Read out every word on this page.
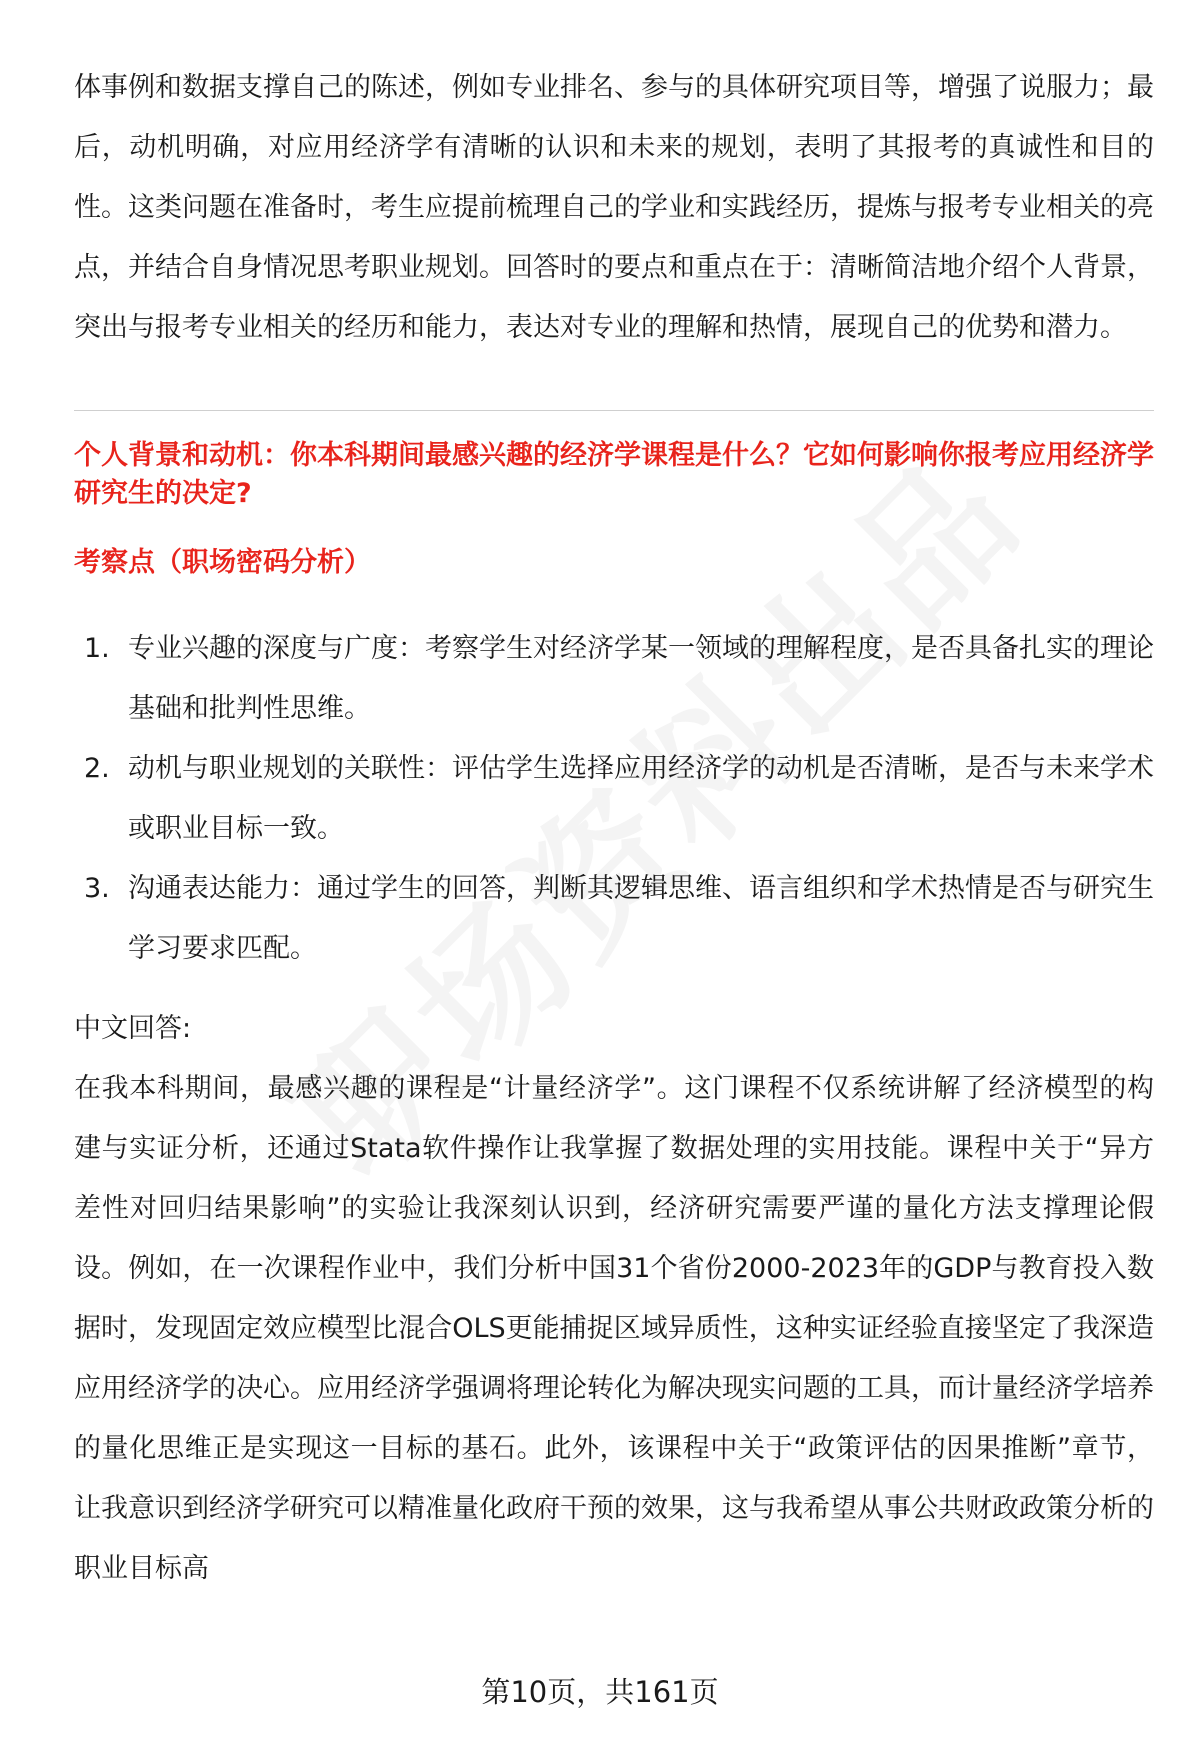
体事例和数据支撑自己的陈述，例如专业排名、参与的具体研究项目等，增强了说服力；最后，动机明确，对应用经济学有清晰的认识和未来的规划，表明了其报考的真诚性和目的性。这类问题在准备时，考生应提前梳理自己的学业和实践经历，提炼与报考专业相关的亮点，并结合自身情况思考职业规划。回答时的要点和重点在于：清晰简洁地介绍个人背景，突出与报考专业相关的经历和能力，表达对专业的理解和热情，展现自己的优势和潜力。

个人背景和动机：你本科期间最感兴趣的经济学课程是什么？它如何影响你报考应用经济学研究生的决定?

考察点（职场密码分析）

1. 专业兴趣的深度与广度：考察学生对经济学某一领域的理解程度，是否具备扎实的理论基础和批判性思维。
2. 动机与职业规划的关联性：评估学生选择应用经济学的动机是否清晰，是否与未来学术或职业目标一致。
3. 沟通表达能力：通过学生的回答，判断其逻辑思维、语言组织和学术热情是否与研究生学习要求匹配。

中文回答:

在我本科期间，最感兴趣的课程是“计量经济学”。这门课程不仅系统讲解了经济模型的构建与实证分析，还通过Stata软件操作让我掌握了数据处理的实用技能。课程中关于“异方差性对回归结果影响”的实验让我深刻认识到，经济研究需要严谨的量化方法支撑理论假设。例如，在一次课程作业中，我们分析中国31个省份2000-2023年的GDP与教育投入数据时，发现固定效应模型比混合OLS更能捕捉区域异质性，这种实证经验直接坚定了我深造应用经济学的决心。应用经济学强调将理论转化为解决现实问题的工具，而计量经济学培养的量化思维正是实现这一目标的基石。此外，该课程中关于“政策评估的因果推断”章节，让我意识到经济学研究可以精准量化政府干预的效果，这与我希望从事公共财政政策分析的职业目标高

第10页，共161页
